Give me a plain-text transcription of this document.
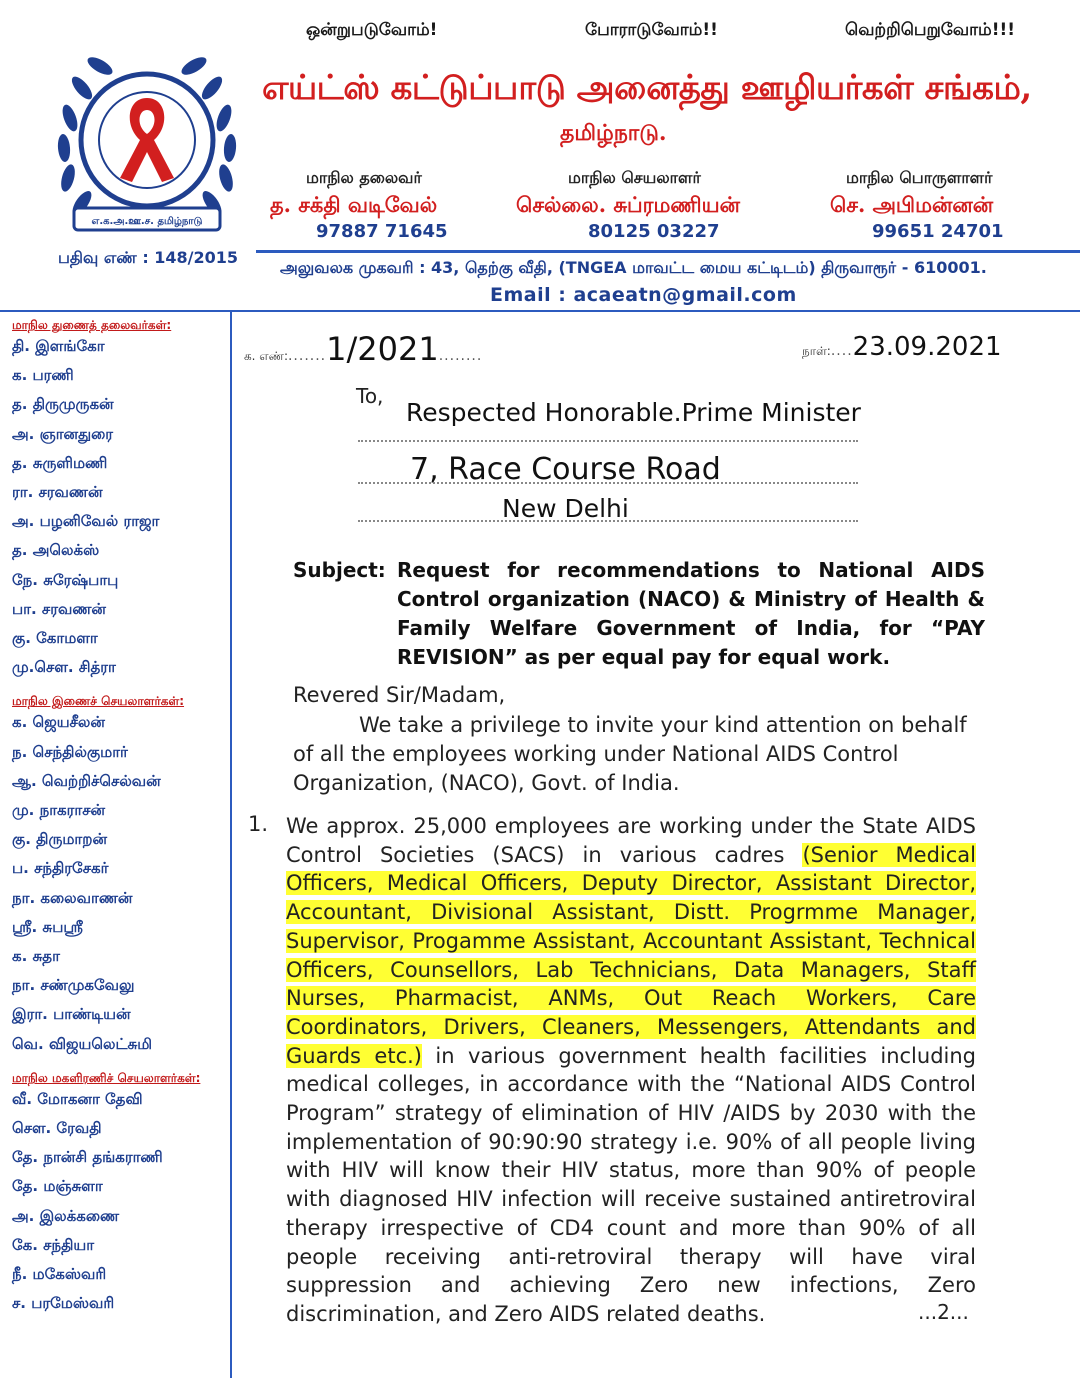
ஒன்றுபடுவோம்!	போராடுவோம்!!	வெற்றிபெறுவோம்!!!
எ.க.அ.ஊ.ச. தமிழ்நாடு
எய்ட்ஸ் கட்டுப்பாடு அனைத்து ஊழியர்கள் சங்கம்,
தமிழ்நாடு.
மாநில தலைவர்
த. சக்தி வடிவேல்
97887 71645
மாநில செயலாளர்
செல்லை. சுப்ரமணியன்
80125 03227
மாநில பொருளாளர்
செ. அபிமன்னன்
99651 24701
பதிவு எண் : 148/2015
அலுவலக முகவரி : 43, தெற்கு வீதி, (TNGEA மாவட்ட மைய கட்டிடம்) திருவாரூர் - 610001.
Email : acaeatn@gmail.com
மாநில துணைத் தலைவர்கள்:
தி. இளங்கோ
க. பரணி
த. திருமுருகன்
அ. ஞானதுரை
த. சுருளிமணி
ரா. சரவணன்
அ. பழனிவேல் ராஜா
த. அலெக்ஸ்
நே. சுரேஷ்பாபு
பா. சரவணன்
கு. கோமளா
மு.செள. சித்ரா
மாநில இணைச் செயலாளர்கள்:
க. ஜெயசீலன்
ந. செந்தில்குமார்
ஆ. வெற்றிச்செல்வன்
மு. நாகராசன்
கு. திருமாறன்
ப. சந்திரசேகர்
நா. கலைவாணன்
ஸ்ரீ. சுபஸ்ரீ
க. சுதா
நா. சண்முகவேலு
இரா. பாண்டியன்
வெ. விஜயலெட்சுமி
மாநில மகளிரணிச் செயலாளர்கள்:
வீ. மோகனா தேவி
செள. ரேவதி
தே. நான்சி தங்கராணி
தே. மஞ்சுளா
அ. இலக்கணை
கே. சந்தியா
நீ. மகேஸ்வரி
ச. பரமேஸ்வரி
க. எண்:.......1/2021........	நாள்:....23.09.2021
To,
Respected Honorable.Prime Minister
7, Race Course Road
New Delhi
Subject: Request for recommendations to National AIDS Control organization (NACO) & Ministry of Health & Family Welfare Government of India, for “PAY REVISION” as per equal pay for equal work.
Revered Sir/Madam,
We take a privilege to invite your kind attention on behalf of all the employees working under National AIDS Control Organization, (NACO), Govt. of India.
1. We approx. 25,000 employees are working under the State AIDS Control Societies (SACS) in various cadres (Senior Medical Officers, Medical Officers, Deputy Director, Assistant Director, Accountant, Divisional Assistant, Distt. Progrmme Manager, Supervisor, Progamme Assistant, Accountant Assistant, Technical Officers, Counsellors, Lab Technicians, Data Managers, Staff Nurses, Pharmacist, ANMs, Out Reach Workers, Care Coordinators, Drivers, Cleaners, Messengers, Attendants and Guards etc.) in various government health facilities including medical colleges, in accordance with the “National AIDS Control Program” strategy of elimination of HIV /AIDS by 2030 with the implementation of 90:90:90 strategy i.e. 90% of all people living with HIV will know their HIV status, more than 90% of people with diagnosed HIV infection will receive sustained antiretroviral therapy irrespective of CD4 count and more than 90% of all people receiving anti-retroviral therapy will have viral suppression and achieving Zero new infections, Zero discrimination, and Zero AIDS related deaths.	...2...
